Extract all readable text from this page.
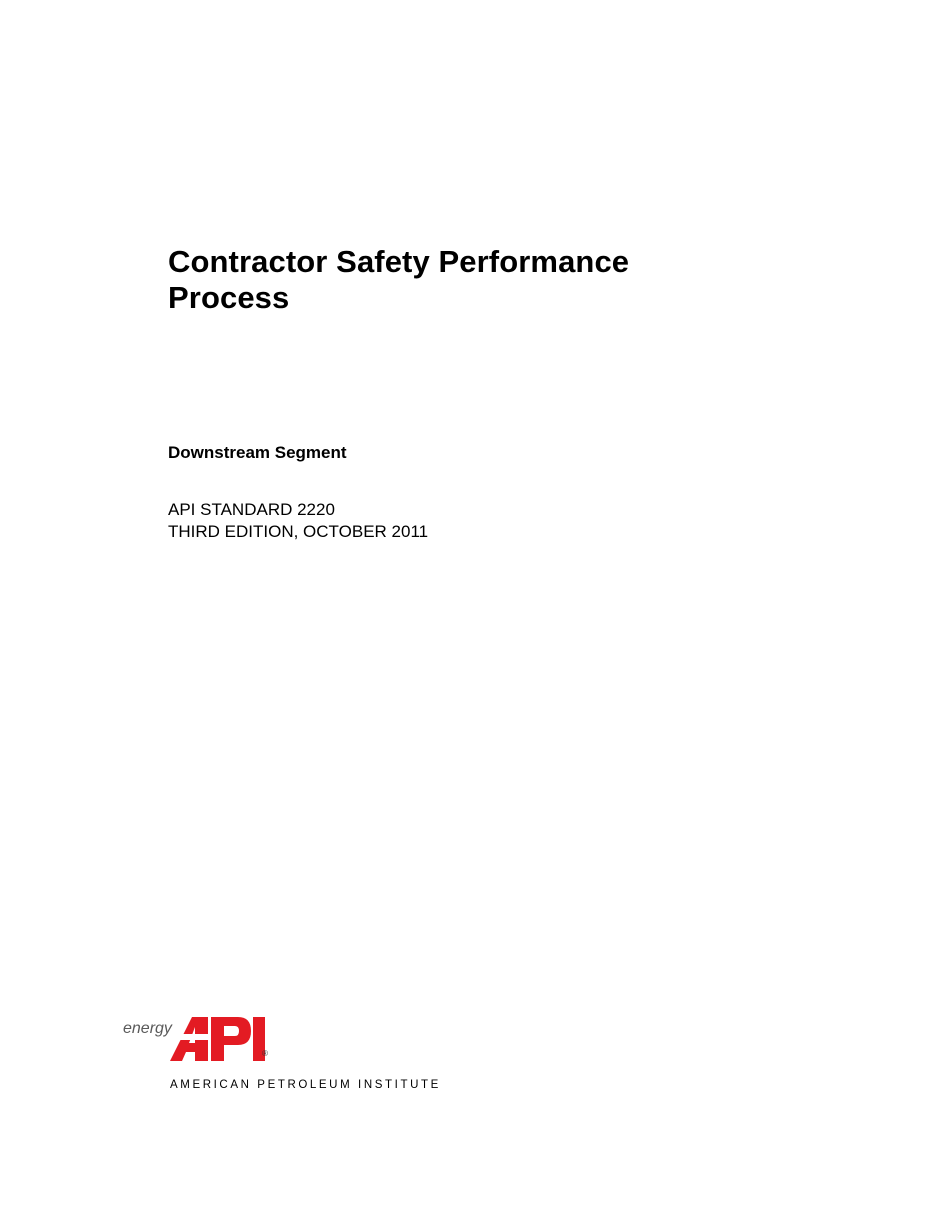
Contractor Safety Performance
Process
Downstream Segment
API STANDARD 2220
THIRD EDITION, OCTOBER 2011
energy
®
AMERICAN PETROLEUM INSTITUTE
